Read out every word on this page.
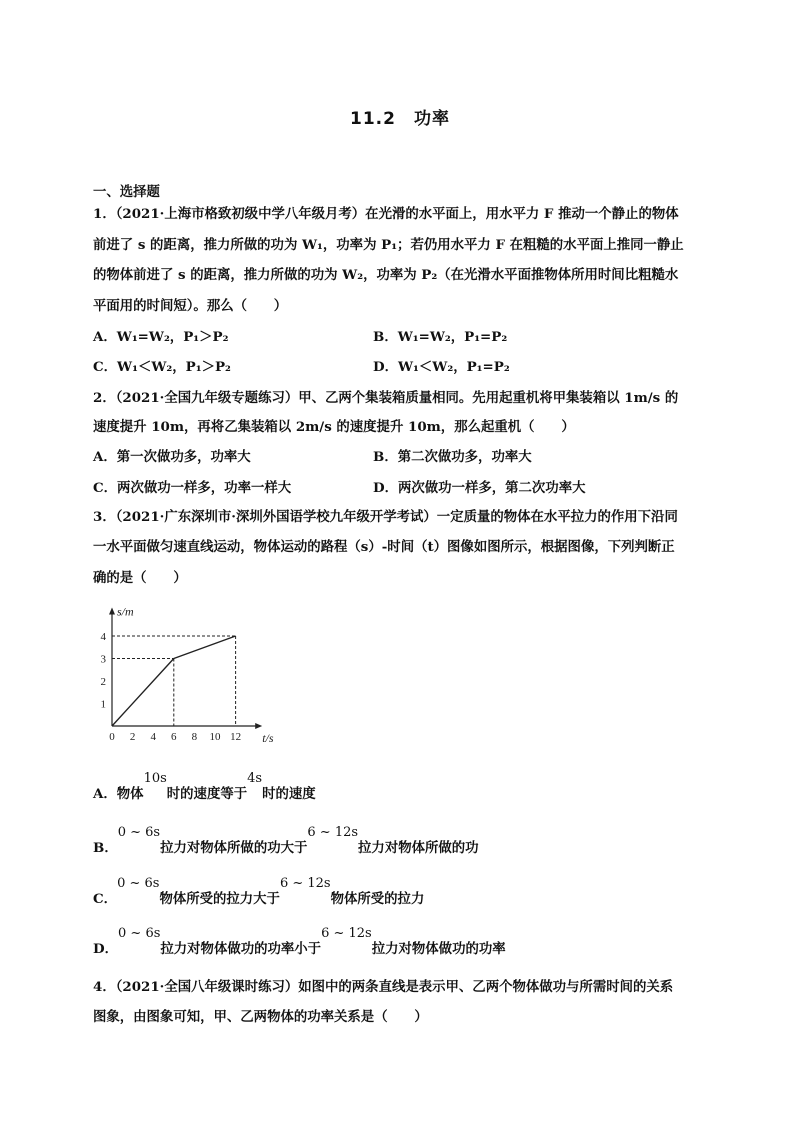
11.2　功率
一、选择题
1．（2021·上海市格致初级中学八年级月考）在光滑的水平面上，用水平力 F 推动一个静止的物体
前进了 s 的距离，推力所做的功为 W₁，功率为 P₁；若仍用水平力 F 在粗糙的水平面上推同一静止
的物体前进了 s 的距离，推力所做的功为 W₂，功率为 P₂（在光滑水平面推物体所用时间比粗糙水
平面用的时间短）。那么（　　）
A．W₁=W₂，P₁＞P₂	B．W₁=W₂，P₁=P₂
C．W₁＜W₂，P₁＞P₂	D．W₁＜W₂，P₁=P₂
2．（2021·全国九年级专题练习）甲、乙两个集装箱质量相同。先用起重机将甲集装箱以 1m/s 的
速度提升 10m，再将乙集装箱以 2m/s 的速度提升 10m，那么起重机（　　）
A．第一次做功多，功率大	B．第二次做功多，功率大
C．两次做功一样多，功率一样大	D．两次做功一样多，第二次功率大
3．（2021·广东深圳市·深圳外国语学校九年级开学考试）一定质量的物体在水平拉力的作用下沿同
一水平面做匀速直线运动，物体运动的路程（s）-时间（t）图像如图所示，根据图像，下列判断正
确的是（　　）
0 2 4 6 8 10 12
1
2
3
4
t/s
s/m
A．物体10s时的速度等于4s时的速度
B．0 ~ 6s拉力对物体所做的功大于6 ~ 12s拉力对物体所做的功
C．0 ~ 6s物体所受的拉力大于6 ~ 12s物体所受的拉力
D．0 ~ 6s拉力对物体做功的功率小于6 ~ 12s拉力对物体做功的功率
4．（2021·全国八年级课时练习）如图中的两条直线是表示甲、乙两个物体做功与所需时间的关系
图象，由图象可知，甲、乙两物体的功率关系是（　　）
